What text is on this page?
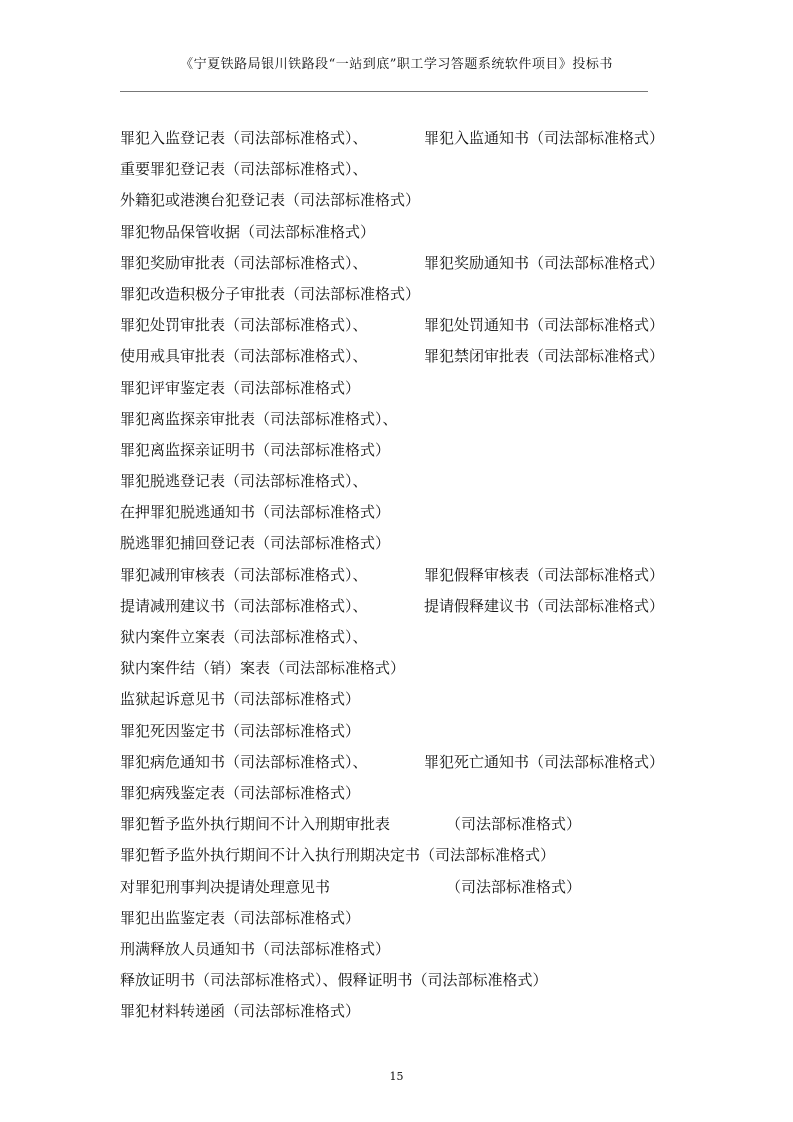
《宁夏铁路局银川铁路段“一站到底”职工学习答题系统软件项目》投标书
罪犯入监登记表（司法部标准格式）、	罪犯入监通知书（司法部标准格式）
重要罪犯登记表（司法部标准格式）、
外籍犯或港澳台犯登记表（司法部标准格式）
罪犯物品保管收据（司法部标准格式）
罪犯奖励审批表（司法部标准格式）、	罪犯奖励通知书（司法部标准格式）
罪犯改造积极分子审批表（司法部标准格式）
罪犯处罚审批表（司法部标准格式）、	罪犯处罚通知书（司法部标准格式）
使用戒具审批表（司法部标准格式）、	罪犯禁闭审批表（司法部标准格式）
罪犯评审鉴定表（司法部标准格式）
罪犯离监探亲审批表（司法部标准格式）、
罪犯离监探亲证明书（司法部标准格式）
罪犯脱逃登记表（司法部标准格式）、
在押罪犯脱逃通知书（司法部标准格式）
脱逃罪犯捕回登记表（司法部标准格式）
罪犯减刑审核表（司法部标准格式）、	罪犯假释审核表（司法部标准格式）
提请减刑建议书（司法部标准格式）、	提请假释建议书（司法部标准格式）
狱内案件立案表（司法部标准格式）、
狱内案件结（销）案表（司法部标准格式）
监狱起诉意见书（司法部标准格式）
罪犯死因鉴定书（司法部标准格式）
罪犯病危通知书（司法部标准格式）、	罪犯死亡通知书（司法部标准格式）
罪犯病残鉴定表（司法部标准格式）
罪犯暂予监外执行期间不计入刑期审批表	（司法部标准格式）
罪犯暂予监外执行期间不计入执行刑期决定书（司法部标准格式）
对罪犯刑事判决提请处理意见书	（司法部标准格式）
罪犯出监鉴定表（司法部标准格式）
刑满释放人员通知书（司法部标准格式）
释放证明书（司法部标准格式）、假释证明书（司法部标准格式）
罪犯材料转递函（司法部标准格式）
15
